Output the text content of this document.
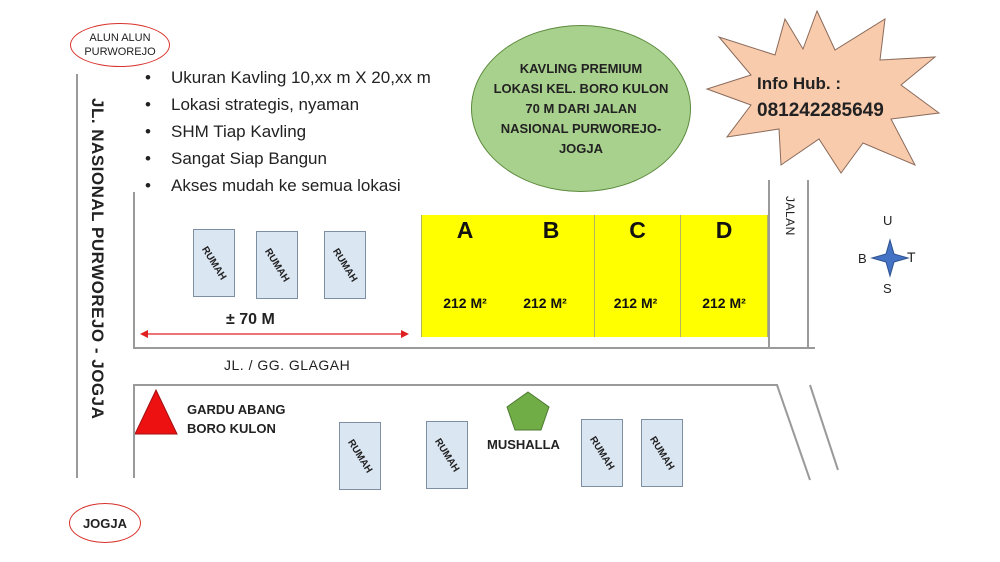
ALUN ALUN
PURWOREJO
JOGJA
JL. NASIONAL PURWOREJO - JOGJA
• Ukuran Kavling 10,xx m X 20,xx m
• Lokasi strategis, nyaman
• SHM Tiap Kavling
• Sangat Siap Bangun
• Akses mudah ke semua lokasi
KAVLING PREMIUM
LOKASI KEL. BORO KULON
70 M DARI JALAN
NASIONAL PURWOREJO-
JOGJA
Info Hub. :
081242285649
RUMAH	RUMAH	RUMAH
A
212 M²
B
212 M²
C
212 M²
D
212 M²
± 70 M
JL. / GG. GLAGAH
JALAN	U
B	T
S
GARDU ABANG
BORO KULON
RUMAH	RUMAH	RUMAH	RUMAH
MUSHALLA
